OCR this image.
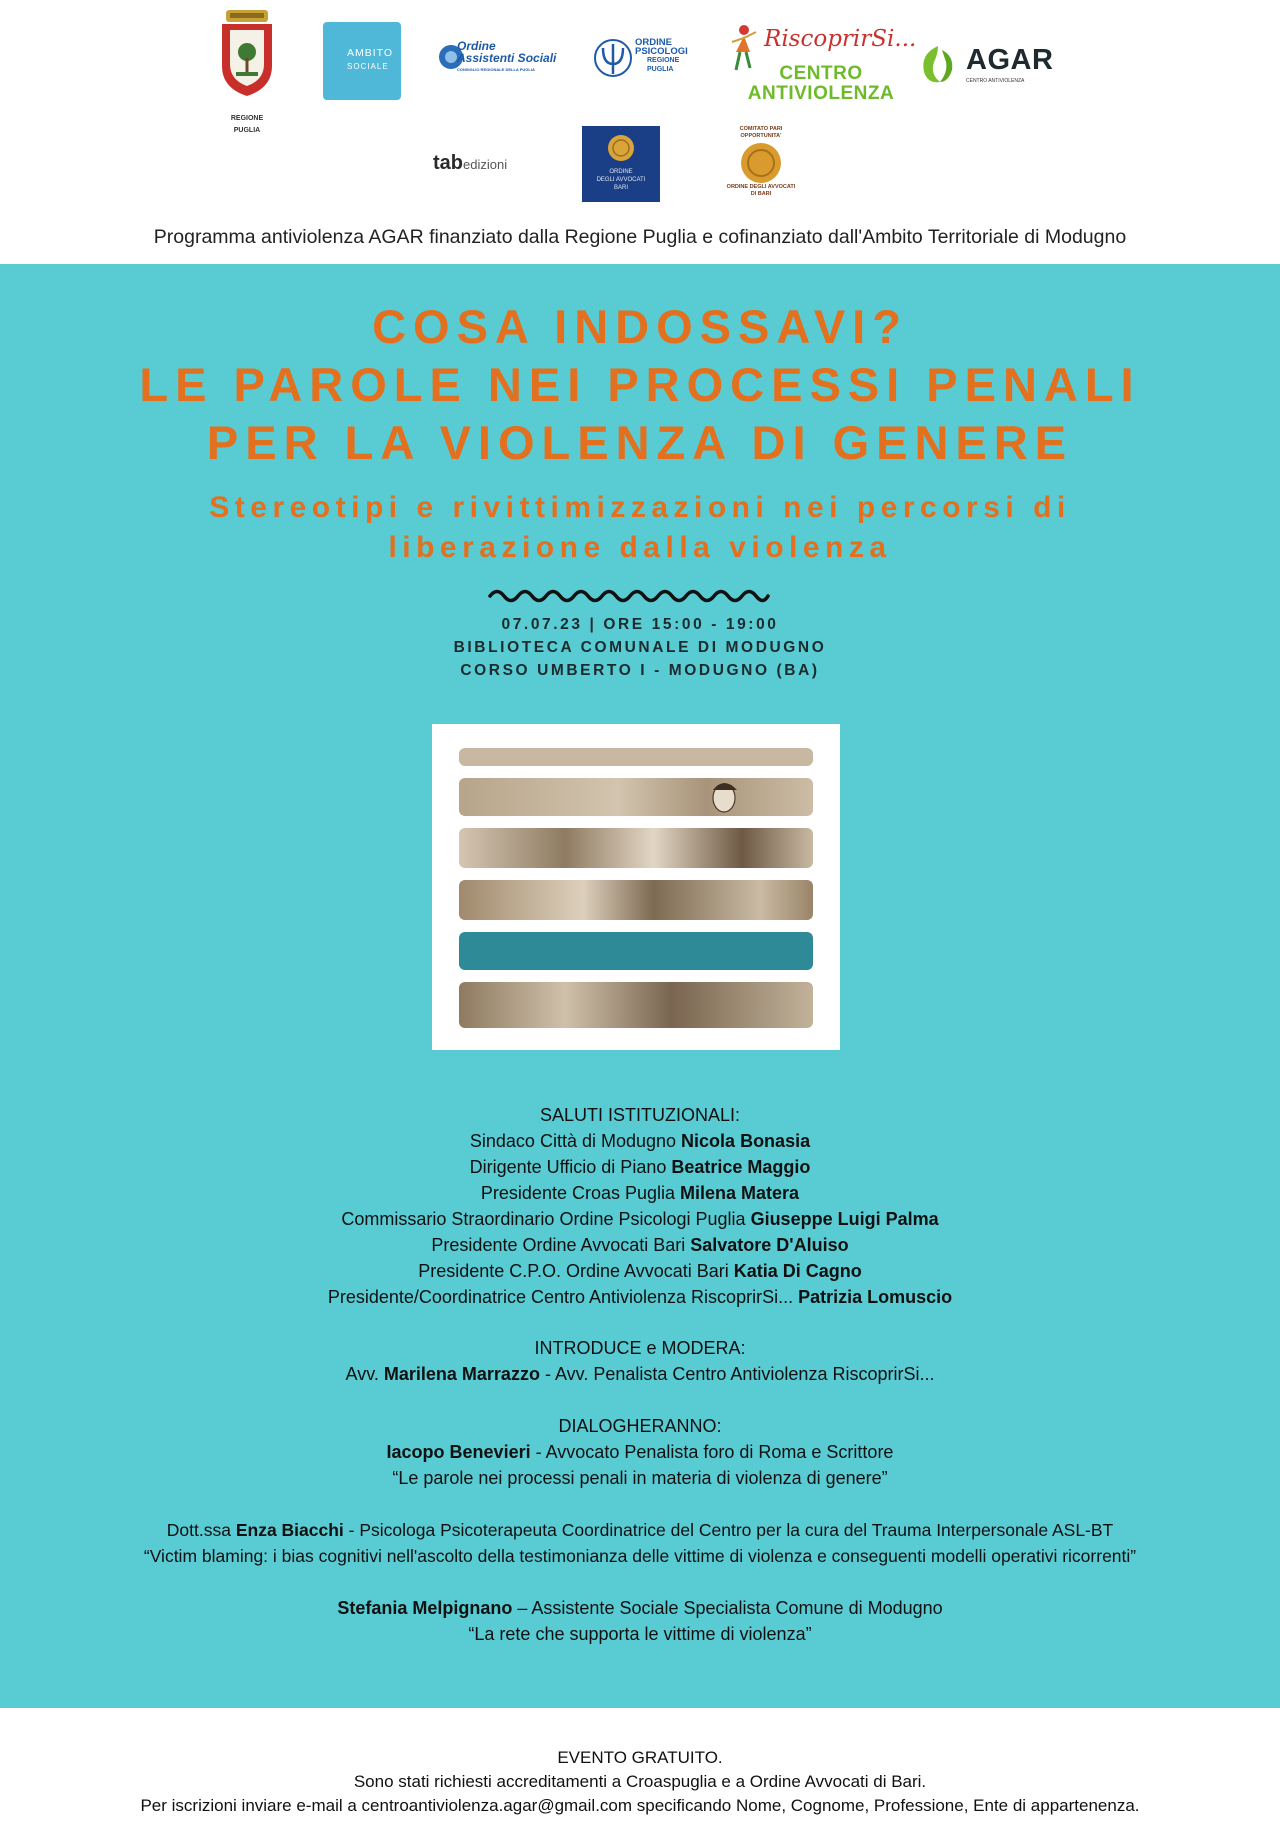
REGIONE
PUGLIA
AMBITO
SOCIALE
Ordine
Assistenti Sociali
CONSIGLIO REGIONALE DELLA PUGLIA
ORDINE
PSICOLOGI
REGIONE
PUGLIA
RiscoprirSi...
CENTRO
ANTIVIOLENZA
AGAR
CENTRO ANTIVIOLENZA
tabedizioni	ORDINE
DEGLI AVVOCATI
BARI
COMITATO PARI
OPPORTUNITA'
ORDINE DEGLI AVVOCATI
DI BARI
Programma antiviolenza AGAR finanziato dalla Regione Puglia e cofinanziato dall'Ambito Territoriale di Modugno
COSA INDOSSAVI?
LE PAROLE NEI PROCESSI PENALI
PER LA VIOLENZA DI GENERE
Stereotipi e rivittimizzazioni nei percorsi di
liberazione dalla violenza
07.07.23 | ORE 15:00 - 19:00
BIBLIOTECA COMUNALE DI MODUGNO
CORSO UMBERTO I - MODUGNO (BA)
SALUTI ISTITUZIONALI:
Sindaco Città di Modugno Nicola Bonasia
Dirigente Ufficio di Piano Beatrice Maggio
Presidente Croas Puglia Milena Matera
Commissario Straordinario Ordine Psicologi Puglia Giuseppe Luigi Palma
Presidente Ordine Avvocati Bari Salvatore D'Aluiso
Presidente C.P.O. Ordine Avvocati Bari Katia Di Cagno
Presidente/Coordinatrice Centro Antiviolenza RiscoprirSi... Patrizia Lomuscio
INTRODUCE e MODERA:
Avv. Marilena Marrazzo - Avv. Penalista Centro Antiviolenza RiscoprirSi...
DIALOGHERANNO:
Iacopo Benevieri - Avvocato Penalista foro di Roma e Scrittore
“Le parole nei processi penali in materia di violenza di genere”
Dott.ssa Enza Biacchi - Psicologa Psicoterapeuta Coordinatrice del Centro per la cura del Trauma Interpersonale ASL-BT
“Victim blaming: i bias cognitivi nell'ascolto della testimonianza delle vittime di violenza e conseguenti modelli operativi ricorrenti”
Stefania Melpignano – Assistente Sociale Specialista Comune di Modugno
“La rete che supporta le vittime di violenza”
EVENTO GRATUITO.
Sono stati richiesti accreditamenti a Croaspuglia e a Ordine Avvocati di Bari.
Per iscrizioni inviare e-mail a centroantiviolenza.agar@gmail.com specificando Nome, Cognome, Professione, Ente di appartenenza.
